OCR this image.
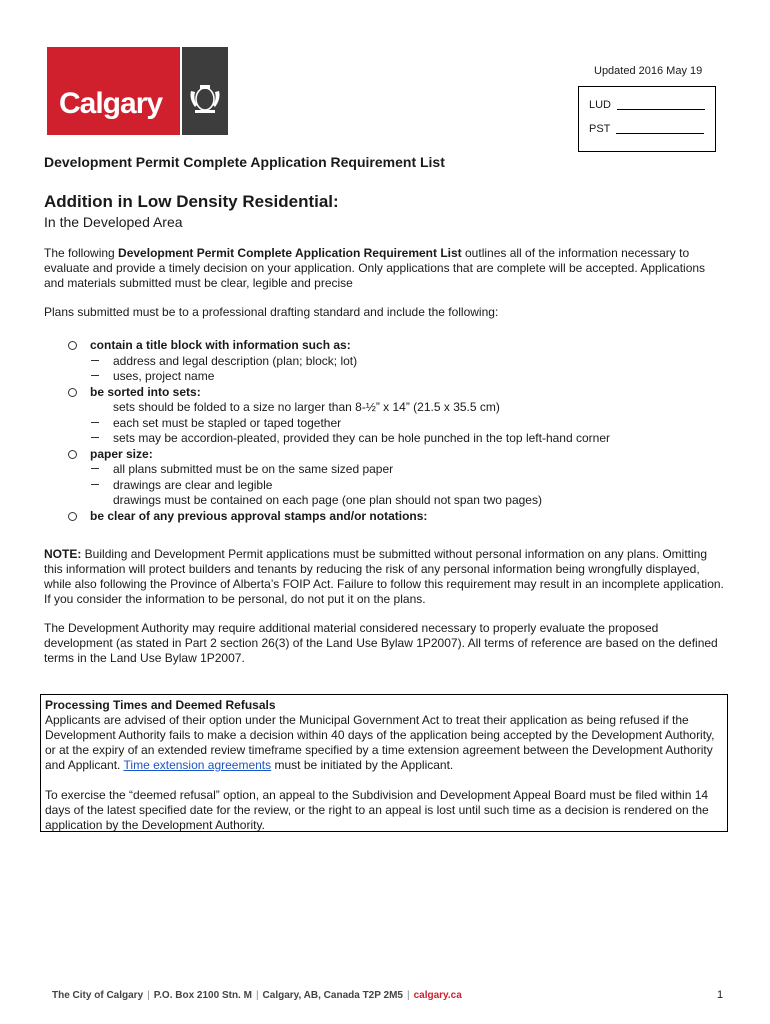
Calgary
Updated 2016 May 19
LUD
PST
Development Permit Complete Application Requirement List
Addition in Low Density Residential:
In the Developed Area
The following Development Permit Complete Application Requirement List outlines all of the information necessary to evaluate and provide a timely decision on your application. Only applications that are complete will be accepted. Applications and materials submitted must be clear, legible and precise
Plans submitted must be to a professional drafting standard and include the following:
contain a title block with information such as:
address and legal description (plan; block; lot)
uses, project name
be sorted into sets:
sets should be folded to a size no larger than 8-½” x 14” (21.5 x 35.5 cm)
each set must be stapled or taped together
sets may be accordion-pleated, provided they can be hole punched in the top left-hand corner
paper size:
all plans submitted must be on the same sized paper
drawings are clear and legible
drawings must be contained on each page (one plan should not span two pages)
be clear of any previous approval stamps and/or notations:
NOTE: Building and Development Permit applications must be submitted without personal information on any plans. Omitting this information will protect builders and tenants by reducing the risk of any personal information being wrongfully displayed, while also following the Province of Alberta’s FOIP Act. Failure to follow this requirement may result in an incomplete application. If you consider the information to be personal, do not put it on the plans.
The Development Authority may require additional material considered necessary to properly evaluate the proposed development (as stated in Part 2 section 26(3) of the Land Use Bylaw 1P2007). All terms of reference are based on the defined terms in the Land Use Bylaw 1P2007.
Processing Times and Deemed Refusals
Applicants are advised of their option under the Municipal Government Act to treat their application as being refused if the Development Authority fails to make a decision within 40 days of the application being accepted by the Development Authority, or at the expiry of an extended review timeframe specified by a time extension agreement between the Development Authority and Applicant. Time extension agreements must be initiated by the Applicant.
To exercise the “deemed refusal” option, an appeal to the Subdivision and Development Appeal Board must be filed within 14 days of the latest specified date for the review, or the right to an appeal is lost until such time as a decision is rendered on the application by the Development Authority.
The City of Calgary | P.O. Box 2100 Stn. M | Calgary, AB, Canada T2P 2M5 | calgary.ca	1
